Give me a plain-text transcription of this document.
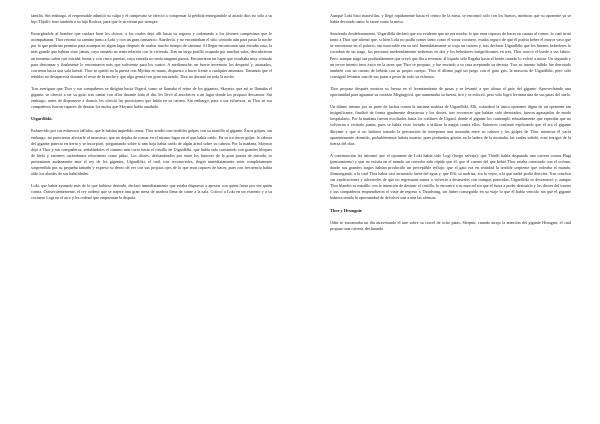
familia. Sin embargo, el responsable admitió su culpa y el campesino se ofreció a compensar la pérdida entregándole al airado dios no sólo a su hijo Thjálfi, sino también a su hija Roskva, para que le sirvieran por siempre.

Encargándole al hombre que cuidara bien los chivos, a los cuales dejó allí hasta su regreso y ordenando a los jóvenes campesinos que le acompañaran, Thor retomó su camino junto a Loki y con un gran cansancio. Atardecía, y no encontraban el sitio cómodo aún para pasar la noche por lo que pedirían permiso para acampar en algún lugar después de acabar mucho tiempo de caminar. Al llegar encontraron una extraña casa, la más grande que habían visto jamás, cuyo tamaño no tenía relación con la vivienda. Tras un largo pasillo ocupado por muchas salas, descubrieron un inmenso salón con extraña forma y con cinco puertas, cuya entrada no tenía ninguna puerta. Encontraron un lugar que resultaba muy cómodo para descansar y finalmente lo encontraron más que suficiente para los cuatro. A medianoche, un fuerte terremoto los despertó y, asustados, corrieron hacia una sala lateral. Thor se quedó en la puerta con Mjölnir en mano, dispuesto a hacer frente a cualquier amenaza. Tomando que el temblor no desaparecía durante el resto de la noche y que algo gemía con gran estruendo, Thor no durmió en toda la noche.

Tras averiguar que Thor y sus compañeros se dirigían hacia Utgard, como se llamaba el reino de los gigantes, Skrymir, que así se llamaba el gigante, se ofreció a ser su guía; tras cantar con ellos durante todo el día, les llevó al anochecer a un lugar donde los propuso descansar. Sin embargo, antes de disponerse a dormir, les ofreció las provisiones que había en su cartera. Sin embargo, para a sus esfuerzos, ni Thor ni sus compañeros fueron capaces de desatar los nudos que Skrymir había anudado.

Utgardlóki.

Enfurecido por sus esfuerzos fallidos, que le habían impedido cenar, Thor acudió tras terribles golpes con su martillo al gigante. Éstos golpes, sin embargo, no parecieron afectarle al monstruo, que no dejaba de roncar en el mismo lugar en el que había caído. En su ira tercer golpe, la cabeza del gigante parecía en tierra y se incorporó, preguntando sobre si una hoja había caído de algún árbol sobre su cabeza. Por la mañana, Skrymir dejó a Thor y sus compañeros, señalándoles el camino más corto hasta el castillo de Utgardlóki, que había sido construido con grandes bloques de hielo y enormes carámbanos relucientes como piñas. Los dioses, deslumbrados por entre los barrotes de la gran puerta de entrada, se presentaron audazmente ante el rey de los gigantes, Utgardlóki, el cual, tras reconocerles, fingió inmediatamente estar completamente sorprendido por su pequeño tamaño y expresó su deseo de ver con sus propios ojos de lo que eran capaces de hacer, pues con frecuencia había oído los alardes de sus habilidades.

Loki, que había ayunado más de lo que hubiese deseado, declaró inmediatamente que estaba dispuesto a apostar con quien fuese por ver quién comía. Consecuentemente, el rey ordenó que se trajera una gran mesa de madera llena de carne a la sala. Colocó a Loki en un extremo y a su cocinero Logi en el otro y les ordenó que empezaran la disputa.

Aunque Loki hizo maravillas, y llegó rápidamente hasta el centro de la mesa, se encontró sólo con los huesos, mientras que su oponente ya se había devorado tanto la carne como la mesa.

Sonriendo desdeñosamente, Utgardlóki declaró que era evidente que no era mucho lo que eran capaces de hacer en cuanto al comer, lo cual irritó tanto a Thor que afirmó que, si bien Loki no podía comer tanto como el voraz cocinero, estaba seguro de que él podría beber el mayor vaso que se encontrase en el palacio, tan insaciable era su sed. Inmediatamente se trajo un cuerno y, tras declarar Utgardlóki que los buenos bebedores lo vaciaban de un trago, los personas moderadamente sedientas en dos y los bebedores insignificantes en tres, Thor acercó el borde a sus labios. Pero, aunque tragó tan profundamente que creyó que iba a reventar, al liquido sólo llegaba hasta el borde cuando lo volvió a mirar. Un segundo y un tercer intento tuvo éxito en la tarea que Thor se propuso, y fue enviado a su casa aceptando su derrota. Tras su intento fallido fue derrotado también con un cuerno de bebida con su propio cuerpo. Thor el último jugó un juego con el gato gris, la mascota de Utgardlóki, pero sólo consiguió levantar una de sus patas a pesar de todo su esfuerzo.

Thor propuso después mostrar su fuerza en el levantamiento de pesas y se levantó a que alzara al gato del gigante. Aprovechando una oportunidad para aguantar su corazón Megingjörd, que aumentaba su fuerza, tiró y se esforzó, pero sólo logró levantar una de sus patas del suelo.

Un último intento por su parte de luchar contra la anciana nodriza de Utgardlóki, Elli, consideró la única oponente digna de un oponente tan insignificante, finalizó de forma igualmente desastrosa y los dioses, tras reconocer que habían sido derrotados, fueron agasajados de modo hospitalario. Por la mañana fueron escoltados hasta los confines de Utgard, donde el gigante los contempló educadamente que esperaba que no volvieran a visitarle jamás, pues se había visto forzado a utilizar la magia contra ellos. Entonces continuó explicando que él era el gigante Skrymir y que si no hubiera tomado la precaución de interponer una montaña entre su cabeza y los golpes de Thor, mientras él yacía aparentemente dormido, probablemente habría muerto, pues profundos grietas en la ladera de la montaña, las cuales señaló, eran testigos de la fuerza del dios.

A continuación les informó que el oponente de Loki había sido Logi (fuego salvaje), que Thialfi había disputado una carrera contra Hugi (pensamiento) y que no existía en el mundo un corredor más rápido que él; que el cuerno del que bebió Thor estaba conectado con el océano, donde sus grandes tragos habían producido un perceptible reflujo; que el gato era en realidad la terrible serpiente que rodeaba el mundo, Jörmungandr, a la cual Thor había casi arrancado fuera del agua y, que Elli, su nodriza, era la vejez, a la que nadie podía derrotar. Tras concluir sus explicaciones y advertirles de que no regresaran nunca o volvería a destruirlos con trampas parecidas, Utgardlóki se desvaneció y, aunque Thor blandió su martillo con la intención de destruir el castillo, lo encontró a su merced sin que él fuera a poder destruirlo y los dioses del trueno y sus compañeros emprendieron el viaje de regreso a Thrudvang, sin haber conseguido en su viaje lo que él había vencido sin que el gigante hubiera tenido la oportunidad de devolver una a una las ofensas.

Thor y Hrungnir.

Odín se encontraba un día atravesando el aire sobre su corcel de ocho patas, Sleipnir, cuando atrajo la atención del gigante Hrungnir, el cual propuso una carrera, declarando
